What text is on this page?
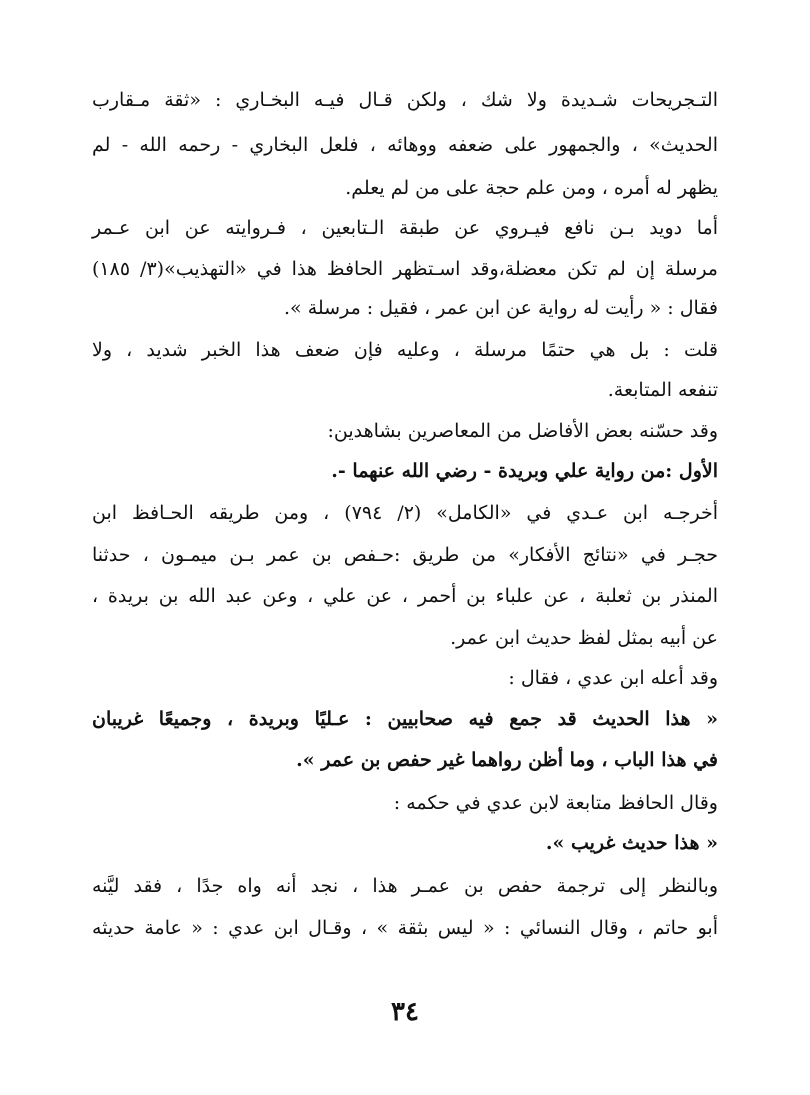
التـجريحات شـديدة ولا شك ، ولكن قـال فيـه البخـاري : «ثقة مـقارب
الحديث» ، والجمهور على ضعفه ووهائه ، فلعل البخاري - رحمه الله - لم
يظهر له أمره ، ومن علم حجة على من لم يعلم.
أما دويد بـن نافع فيـروي عن طبقة الـتابعين ، فـروايته عن ابن عـمر
مرسلة إن لم تكن معضلة،وقد اسـتظهر الحافظ هذا في «التهذيب»(٣/ ١٨٥)
فقال : « رأيت له رواية عن ابن عمر ، فقيل : مرسلة ».
قلت : بل هي حتمًا مرسلة ، وعليه فإن ضعف هذا الخبر شديد ، ولا
تنفعه المتابعة.
وقد حسّنه بعض الأفاضل من المعاصرين بشاهدين:
الأول :من رواية علي وبريدة - رضي الله عنهما -.
أخرجـه ابن عـدي في «الكامل» (٢/ ٧٩٤) ، ومن طريقه الحـافظ ابن
حجـر في «نتائج الأفكار» من طريق :حـفص بن عمر بـن ميمـون ، حدثنا
المنذر بن ثعلبة ، عن علباء بن أحمر ، عن علي ، وعن عبد الله بن بريدة ،
عن أبيه بمثل لفظ حديث ابن عمر.
وقد أعله ابن عدي ، فقال :
« هذا الحديث قد جمع فيه صحابيين : عـليًا وبريدة ، وجميعًا غريبان
في هذا الباب ، وما أظن رواهما غير حفص بن عمر ».
وقال الحافظ متابعة لابن عدي في حكمه :
« هذا حديث غريب ».
وبالنظر إلى ترجمة حفص بن عمـر هذا ، نجد أنه واه جدًا ، فقد ليَّنه
أبو حاتم ، وقال النسائي : « ليس بثقة » ، وقـال ابن عدي : « عامة حديثه
٣٤
